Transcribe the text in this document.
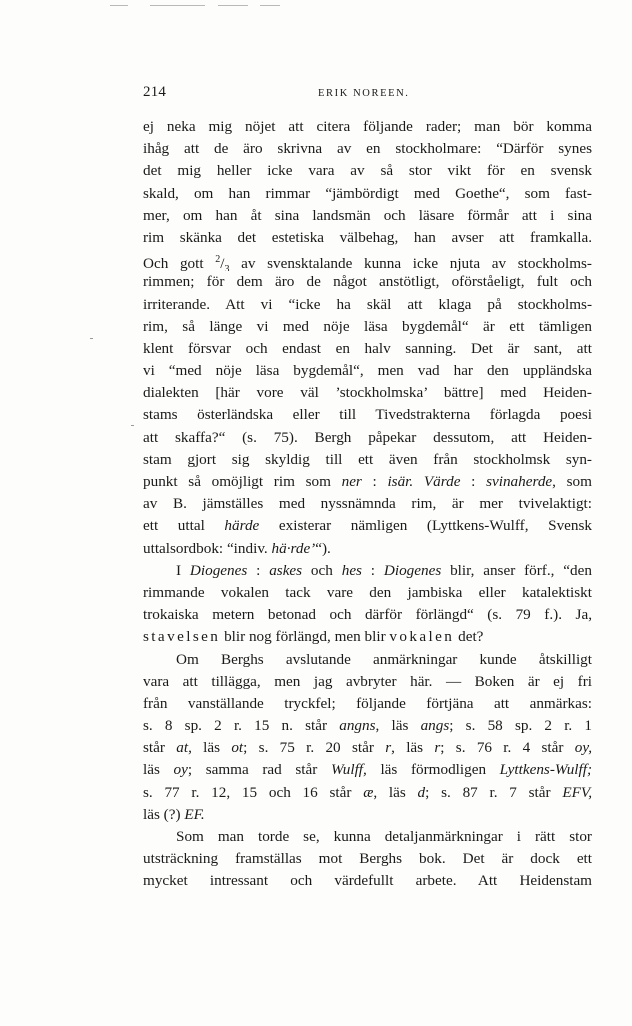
214	ERIK NOREEN.
ej neka mig nöjet att citera följande rader; man bör komma
ihåg att de äro skrivna av en stockholmare: “Därför synes
det mig heller icke vara av så stor vikt för en svensk
skald, om han rimmar “jämbördigt med Goethe“, som fast-
mer, om han åt sina landsmän och läsare förmår att i sina
rim skänka det estetiska välbehag, han avser att framkalla.
Och gott $^2/_3$ av svensktalande kunna icke njuta av stockholms-
rimmen; för dem äro de något anstötligt, oförståeligt, fult och
irriterande. Att vi “icke ha skäl att klaga på stockholms-
rim, så länge vi med nöje läsa bygdemål“ är ett tämligen
klent försvar och endast en halv sanning. Det är sant, att
vi “med nöje läsa bygdemål“, men vad har den uppländska
dialekten [här vore väl ’stockholmska’ bättre] med Heiden-
stams österländska eller till Tivedstrakterna förlagda poesi
att skaffa?“ (s. 75). Bergh påpekar dessutom, att Heiden-
stam gjort sig skyldig till ett även från stockholmsk syn-
punkt så omöjligt rim som ner : isär. Värde : svinaherde, som
av B. jämställes med nyssnämnda rim, är mer tvivelaktigt:
ett uttal härde existerar nämligen (Lyttkens-Wulff, Svensk
uttalsordbok: “indiv. hä·rde’“).
I Diogenes : askes och hes : Diogenes blir, anser förf., “den
rimmande vokalen tack vare den jambiska eller katalektiskt
trokaiska metern betonad och därför förlängd“ (s. 79 f.). Ja,
stavelsen blir nog förlängd, men blir vokalen det?
Om Berghs avslutande anmärkningar kunde åtskilligt
vara att tillägga, men jag avbryter här. — Boken är ej fri
från vanställande tryckfel; följande förtjäna att anmärkas:
s. 8 sp. 2 r. 15 n. står angns, läs angs; s. 58 sp. 2 r. 1
står at, läs ot; s. 75 r. 20 står r, läs r; s. 76 r. 4 står oy,
läs oy; samma rad står Wulff, läs förmodligen Lyttkens-Wulff;
s. 77 r. 12, 15 och 16 står æ, läs d; s. 87 r. 7 står EFV,
läs (?) EF.
Som man torde se, kunna detaljanmärkningar i rätt stor
utsträckning framställas mot Berghs bok. Det är dock ett
mycket intressant och värdefullt arbete. Att Heidenstam
